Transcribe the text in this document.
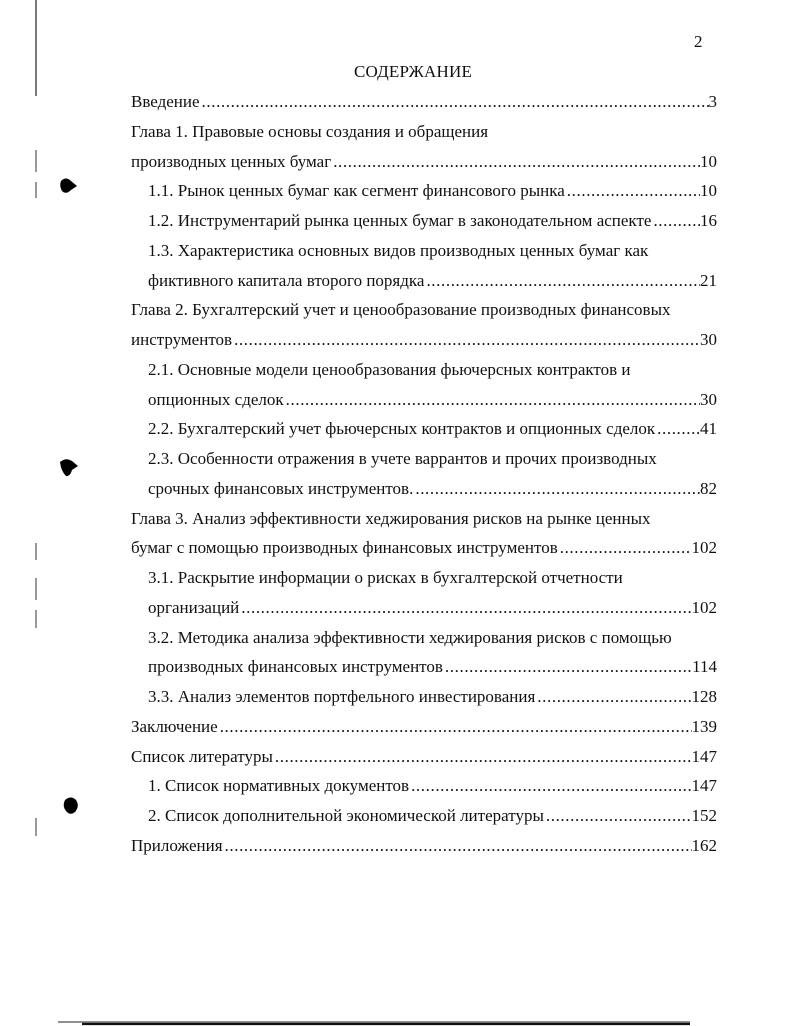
2
СОДЕРЖАНИЕ
Введение .....	3
Глава 1. Правовые основы создания и обращения
производных ценных бумаг .....	10
1.1. Рынок ценных бумаг как сегмент финансового рынка .....	10
1.2. Инструментарий рынка ценных бумаг в законодательном аспекте .....	16
1.3. Характеристика основных видов производных ценных бумаг как
фиктивного капитала второго порядка .....	21
Глава 2. Бухгалтерский учет и ценообразование производных финансовых
инструментов .....	30
2.1. Основные модели ценообразования фьючерсных контрактов и
опционных сделок .....	30
2.2. Бухгалтерский учет фьючерсных контрактов и опционных сделок .....	41
2.3. Особенности отражения в учете варрантов и прочих производных
срочных финансовых инструментов. .....	82
Глава 3. Анализ эффективности хеджирования рисков на рынке ценных
бумаг с помощью производных финансовых инструментов .....	102
3.1. Раскрытие информации о рисках в бухгалтерской отчетности
организаций .....	102
3.2. Методика анализа эффективности хеджирования рисков с помощью
производных финансовых инструментов .....	114
3.3. Анализ элементов портфельного инвестирования .....	128
Заключение .....	139
Список литературы .....	147
1. Список нормативных документов .....	147
2. Список дополнительной экономической литературы .....	152
Приложения .....	162
